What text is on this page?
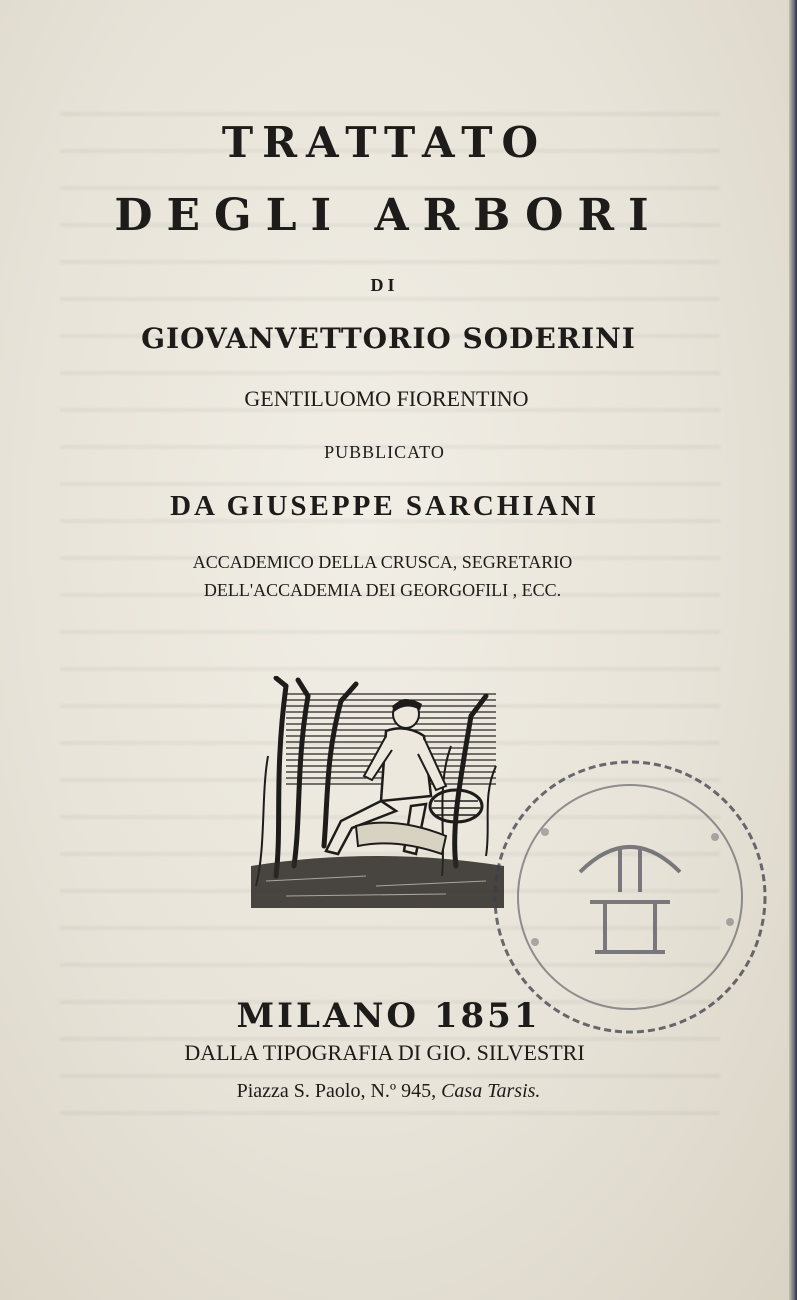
TRATTATO

DEGLI ARBORI

DI

GIOVANVETTORIO SODERINI

GENTILUOMO FIORENTINO

PUBBLICATO

DA GIUSEPPE SARCHIANI

ACCADEMICO DELLA CRUSCA, SEGRETARIO

DELL'ACCADEMIA DEI GEORGOFILI , ECC.

MILANO 1851

DALLA TIPOGRAFIA DI GIO. SILVESTRI

Piazza S. Paolo, N.º 945, Casa Tarsis.
